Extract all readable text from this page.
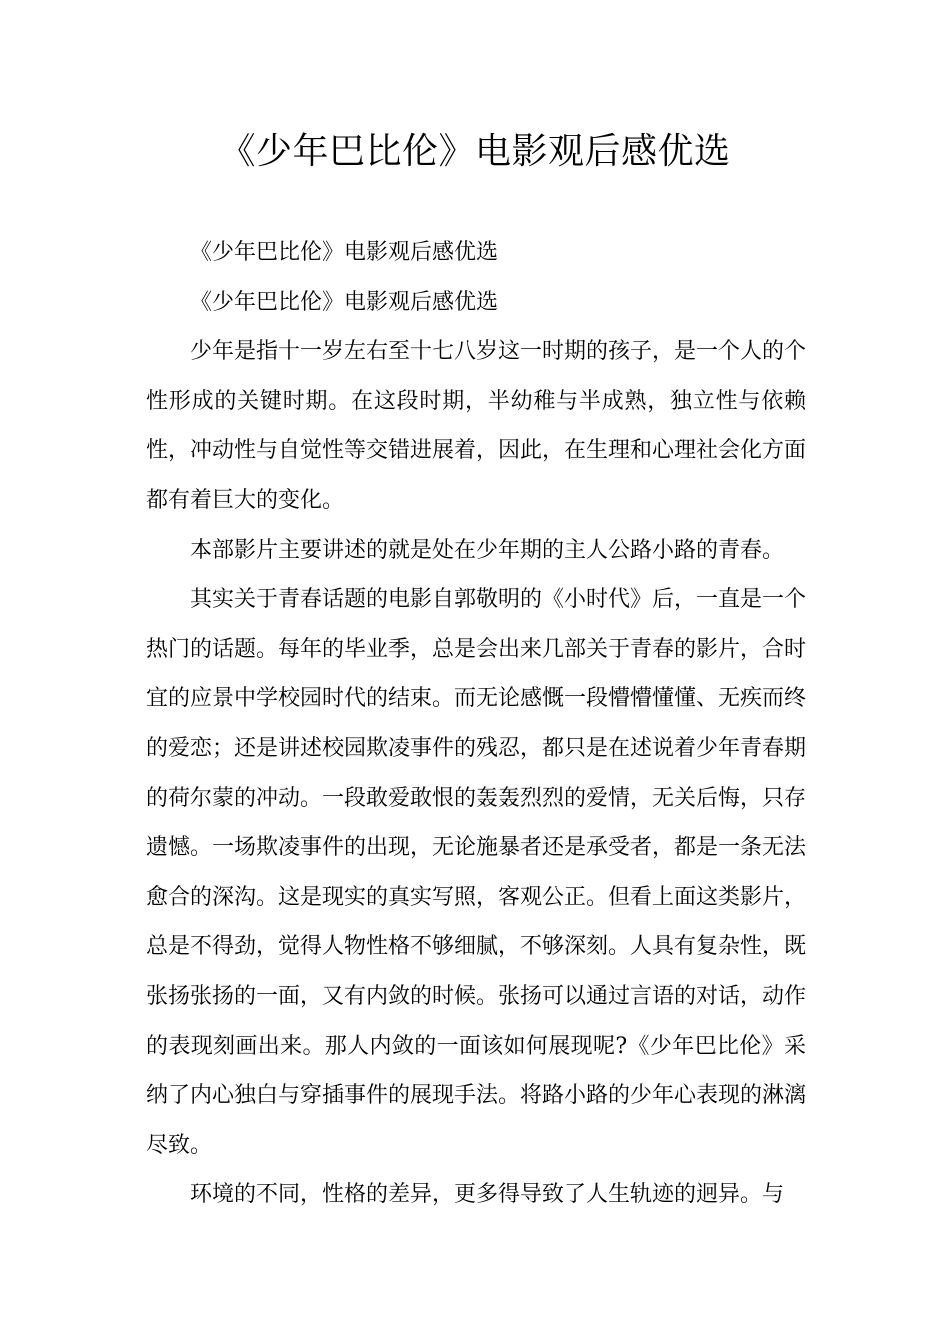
《少年巴比伦》电影观后感优选

《少年巴比伦》电影观后感优选

《少年巴比伦》电影观后感优选

少年是指十一岁左右至十七八岁这一时期的孩子，是一个人的个性形成的关键时期。在这段时期，半幼稚与半成熟，独立性与依赖性，冲动性与自觉性等交错进展着，因此，在生理和心理社会化方面都有着巨大的变化。

本部影片主要讲述的就是处在少年期的主人公路小路的青春。

其实关于青春话题的电影自郭敬明的《小时代》后，一直是一个热门的话题。每年的毕业季，总是会出来几部关于青春的影片，合时宜的应景中学校园时代的结束。而无论感慨一段懵懵懂懂、无疾而终的爱恋；还是讲述校园欺凌事件的残忍，都只是在述说着少年青春期的荷尔蒙的冲动。一段敢爱敢恨的轰轰烈烈的爱情，无关后悔，只存遗憾。一场欺凌事件的出现，无论施暴者还是承受者，都是一条无法愈合的深沟。这是现实的真实写照，客观公正。但看上面这类影片，总是不得劲，觉得人物性格不够细腻，不够深刻。人具有复杂性，既张扬张扬的一面，又有内敛的时候。张扬可以通过言语的对话，动作的表现刻画出来。那人内敛的一面该如何展现呢?《少年巴比伦》采纳了内心独白与穿插事件的展现手法。将路小路的少年心表现的淋漓尽致。

环境的不同，性格的差异，更多得导致了人生轨迹的迥异。与
